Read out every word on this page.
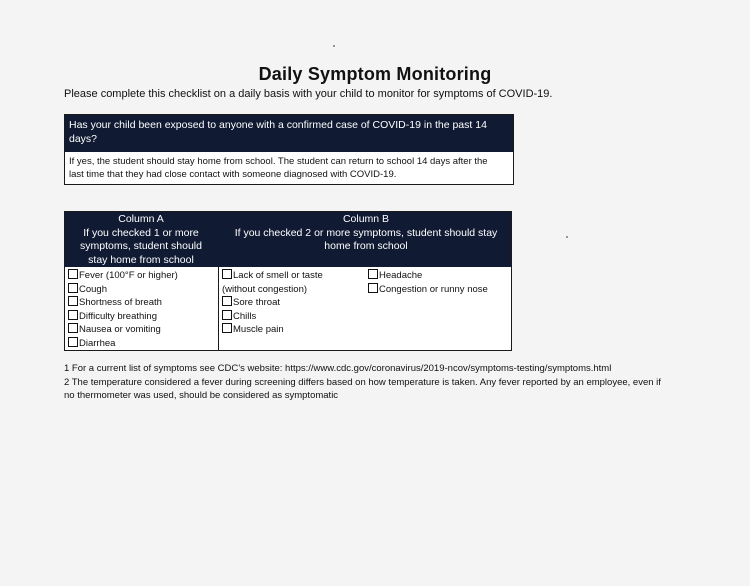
Daily Symptom Monitoring
Please complete this checklist on a daily basis with your child to monitor for symptoms of COVID-19.
Has your child been exposed to anyone with a confirmed case of COVID-19 in the past 14
days?
If yes, the student should stay home from school. The student can return to school 14 days after the
last time that they had close contact with someone diagnosed with COVID-19.
Column A
If you checked 1 or more
symptoms, student should
stay home from school
Column B
If you checked 2 or more symptoms, student should stay
home from school
Fever (100°F or higher)
Cough
Shortness of breath
Difficulty breathing
Nausea or vomiting
Diarrhea
Lack of smell or taste
(without congestion)
Sore throat
Chills
Muscle pain
Headache
Congestion or runny nose
1 For a current list of symptoms see CDC’s website: https://www.cdc.gov/coronavirus/2019-ncov/symptoms-testing/symptoms.html
2 The temperature considered a fever during screening differs based on how temperature is taken. Any fever reported by an employee, even if
no thermometer was used, should be considered as symptomatic
